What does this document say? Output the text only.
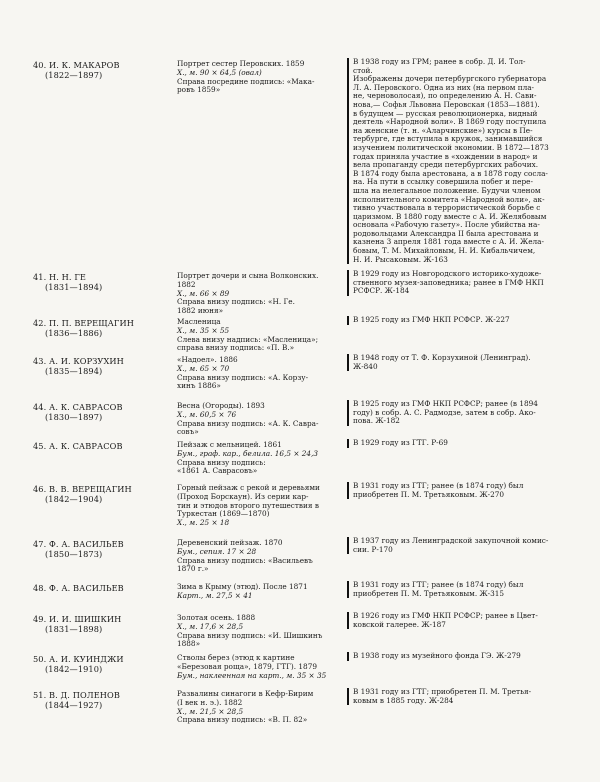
40. И. К. МАКАРОВ
(1822—1897)
Портрет сестер Перовских. 1859
Х., м. 90 × 64,5 (овал)
Справа посредине подпись: «Мака-
ровъ 1859»
В 1938 году из ГРМ; ранее в собр. Д. И. Тол-
стой.
Изображены дочери петербургского губернатора
Л. А. Перовского. Одна из них (на первом пла-
не, черноволосая), по определению А. Н. Сави-
нова,— Софья Львовна Перовская (1853—1881).
в будущем — русская революционерка, видный
деятель «Народной воли». В 1869 году поступила
на женские (т. н. «Аларчинские») курсы в Пе-
тербурге, где вступила в кружок, занимавшийся
изучением политической экономии. В 1872—1873
годах приняла участие в «хождении в народ» и
вела пропаганду среди петербургских рабочих.
В 1874 году была арестована, а в 1878 году сосла-
на. На пути в ссылку совершила побег и пере-
шла на нелегальное положение. Будучи членом
исполнительного комитета «Народной воли», ак-
тивно участвовала в террористической борьбе с
царизмом. В 1880 году вместе с А. И. Желябовым
основала «Рабочую газету». После убийства на-
родовольцами Александра II была арестована и
казнена 3 апреля 1881 года вместе с А. И. Жела-
бовым, Т. М. Михайловым, Н. И. Кибальчичем,
Н. И. Рысаковым. Ж-163
41. Н. Н. ГЕ
(1831—1894)
Портрет дочери и сына Волконских.
1882
Х., м. 66 × 89
Справа внизу подпись: «Н. Ге.
1882 июня»
В 1929 году из Новгородского историко-художе-
ственного музея-заповедника; ранее в ГМФ НКП
РСФСР. Ж-184
42. П. П. ВЕРЕЩАГИН
(1836—1886)
Масленица
Х., м. 35 × 55
Слева внизу надпись: «Масленица»;
справа внизу подпись: «П. В.»
В 1925 году из ГМФ НКП РСФСР. Ж-227
43. А. И. КОРЗУХИН
(1835—1894)
«Надоел». 1886
Х., м. 65 × 70
Справа внизу подпись: «А. Корзу-
хинъ 1886»
В 1948 году от Т. Ф. Корзухиной (Ленинград).
Ж-840
44. А. К. САВРАСОВ
(1830—1897)
Весна (Огороды). 1893
Х., м. 60,5 × 76
Справа внизу подпись: «А. К. Савра-
совъ»
В 1925 году из ГМФ НКП РСФСР; ранее (в 1894
году) в собр. А. С. Радмодзе, затем в собр. Ако-
пова. Ж-182
45. А. К. САВРАСОВ	Пейзаж с мельницей. 1861
Бум., граф. кар., белила. 16,5 × 24,3
Справа внизу подпись:
«1861 А. Саврасовъ»
В 1929 году из ГТГ. Р-69
46. В. В. ВЕРЕЩАГИН
(1842—1904)
Горный пейзаж с рекой и деревьями
(Проход Борскаун). Из серии кар-
тин и этюдов второго путешествия в
Туркестан (1869—1870)
Х., м. 25 × 18
В 1931 году из ГТГ; ранее (в 1874 году) был
приобретен П. М. Третьяковым. Ж-270
47. Ф. А. ВАСИЛЬЕВ
(1850—1873)
Деревенский пейзаж. 1870
Бум., сепия. 17 × 28
Справа внизу подпись: «Васильевъ
1870 г.»
В 1937 году из Ленинградской закупочной комис-
сии. Р-170
48. Ф. А. ВАСИЛЬЕВ	Зима в Крыму (этюд). После 1871
Карт., м. 27,5 × 41
В 1931 году из ГТГ; ранее (в 1874 году) был
приобретен П. М. Третьяковым. Ж-315
49. И. И. ШИШКИН
(1831—1898)
Золотая осень. 1888
Х., м. 17,6 × 28,5
Справа внизу подпись: «И. Шишкинъ
1888»
В 1926 году из ГМФ НКП РСФСР; ранее в Цвет-
ковской галерее. Ж-187
50. А. И. КУИНДЖИ
(1842—1910)
Стволы берез (этюд к картине
«Березовая роща», 1879, ГТГ). 1879
Бум., наклеенная на карт., м. 35 × 35
В 1938 году из музейного фонда ГЭ. Ж-279
51. В. Д. ПОЛЕНОВ
(1844—1927)
Развалины синагоги в Кефр-Бирим
(I век н. э.). 1882
Х., м. 21,5 × 28,5
Справа внизу подпись: «В. П. 82»
В 1931 году из ГТГ; приобретен П. М. Третья-
ковым в 1885 году. Ж-284
